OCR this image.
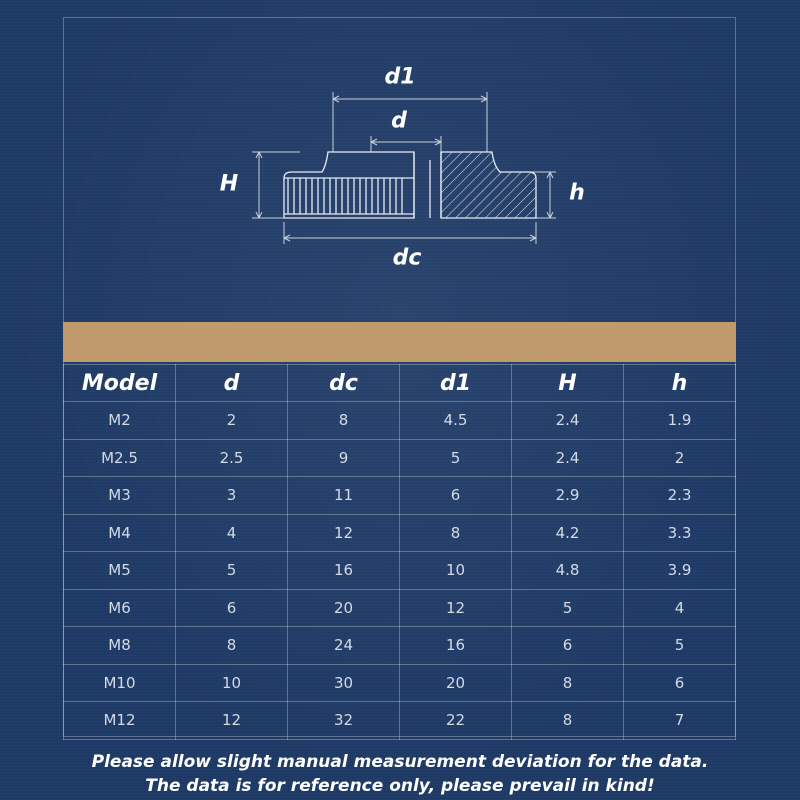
d1
d
H	h
dc
Model	d	dc	d1	H	h
M2	2	8	4.5	2.4	1.9
M2.5	2.5	9	5	2.4	2
M3	3	11	6	2.9	2.3
M4	4	12	8	4.2	3.3
M5	5	16	10	4.8	3.9
M6	6	20	12	5	4
M8	8	24	16	6	5
M10	10	30	20	8	6
M12	12	32	22	8	7
Please allow slight manual measurement deviation for the data.
The data is for reference only, please prevail in kind!
